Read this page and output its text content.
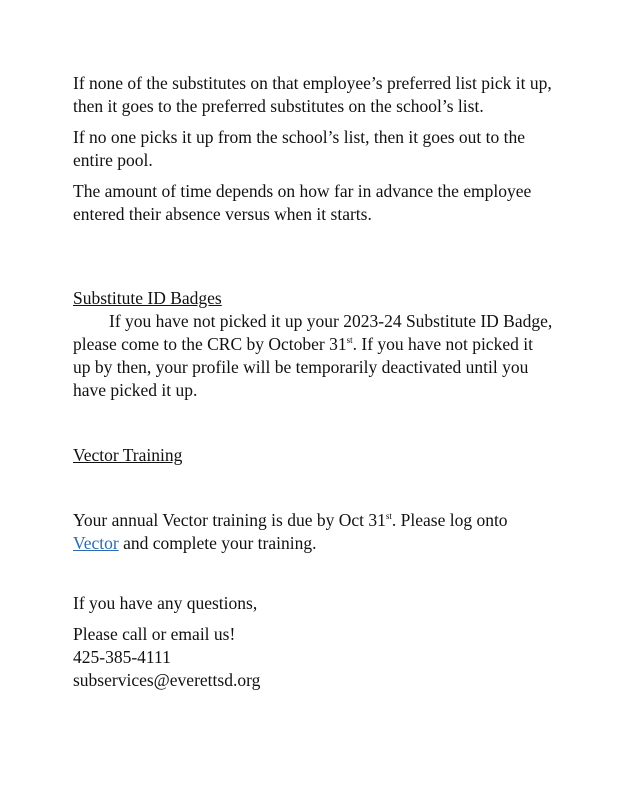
If none of the substitutes on that employee’s preferred list pick it up, then it goes to the preferred substitutes on the school’s list.

If no one picks it up from the school’s list, then it goes out to the entire pool.

The amount of time depends on how far in advance the employee entered their absence versus when it starts.

Substitute ID Badges

If you have not picked it up your 2023-24 Substitute ID Badge, please come to the CRC by October 31st. If you have not picked it up by then, your profile will be temporarily deactivated until you have picked it up.

Vector Training

Your annual Vector training is due by Oct 31st. Please log onto Vector and complete your training.

If you have any questions,

Please call or email us!

425-385-4111

subservices@everettsd.org
